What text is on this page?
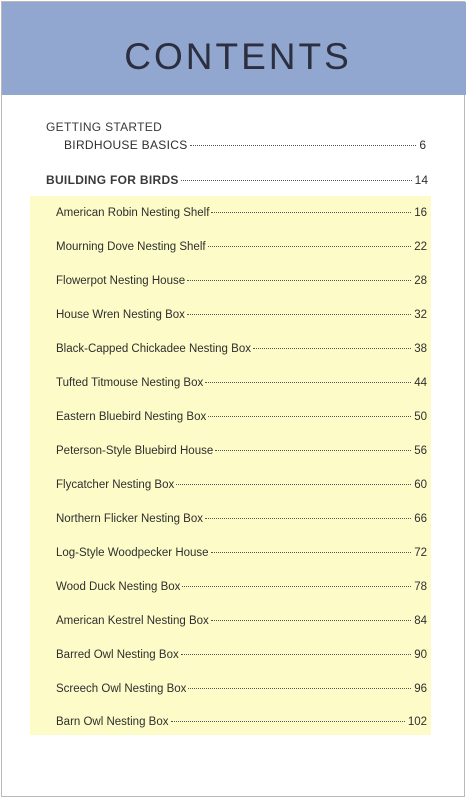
CONTENTS
GETTING STARTED
BIRDHOUSE BASICS	6
BUILDING FOR BIRDS	14
American Robin Nesting Shelf	16
Mourning Dove Nesting Shelf	22
Flowerpot Nesting House	28
House Wren Nesting Box	32
Black-Capped Chickadee Nesting Box	38
Tufted Titmouse Nesting Box	44
Eastern Bluebird Nesting Box	50
Peterson-Style Bluebird House	56
Flycatcher Nesting Box	60
Northern Flicker Nesting Box	66
Log-Style Woodpecker House	72
Wood Duck Nesting Box	78
American Kestrel Nesting Box	84
Barred Owl Nesting Box	90
Screech Owl Nesting Box	96
Barn Owl Nesting Box	102
